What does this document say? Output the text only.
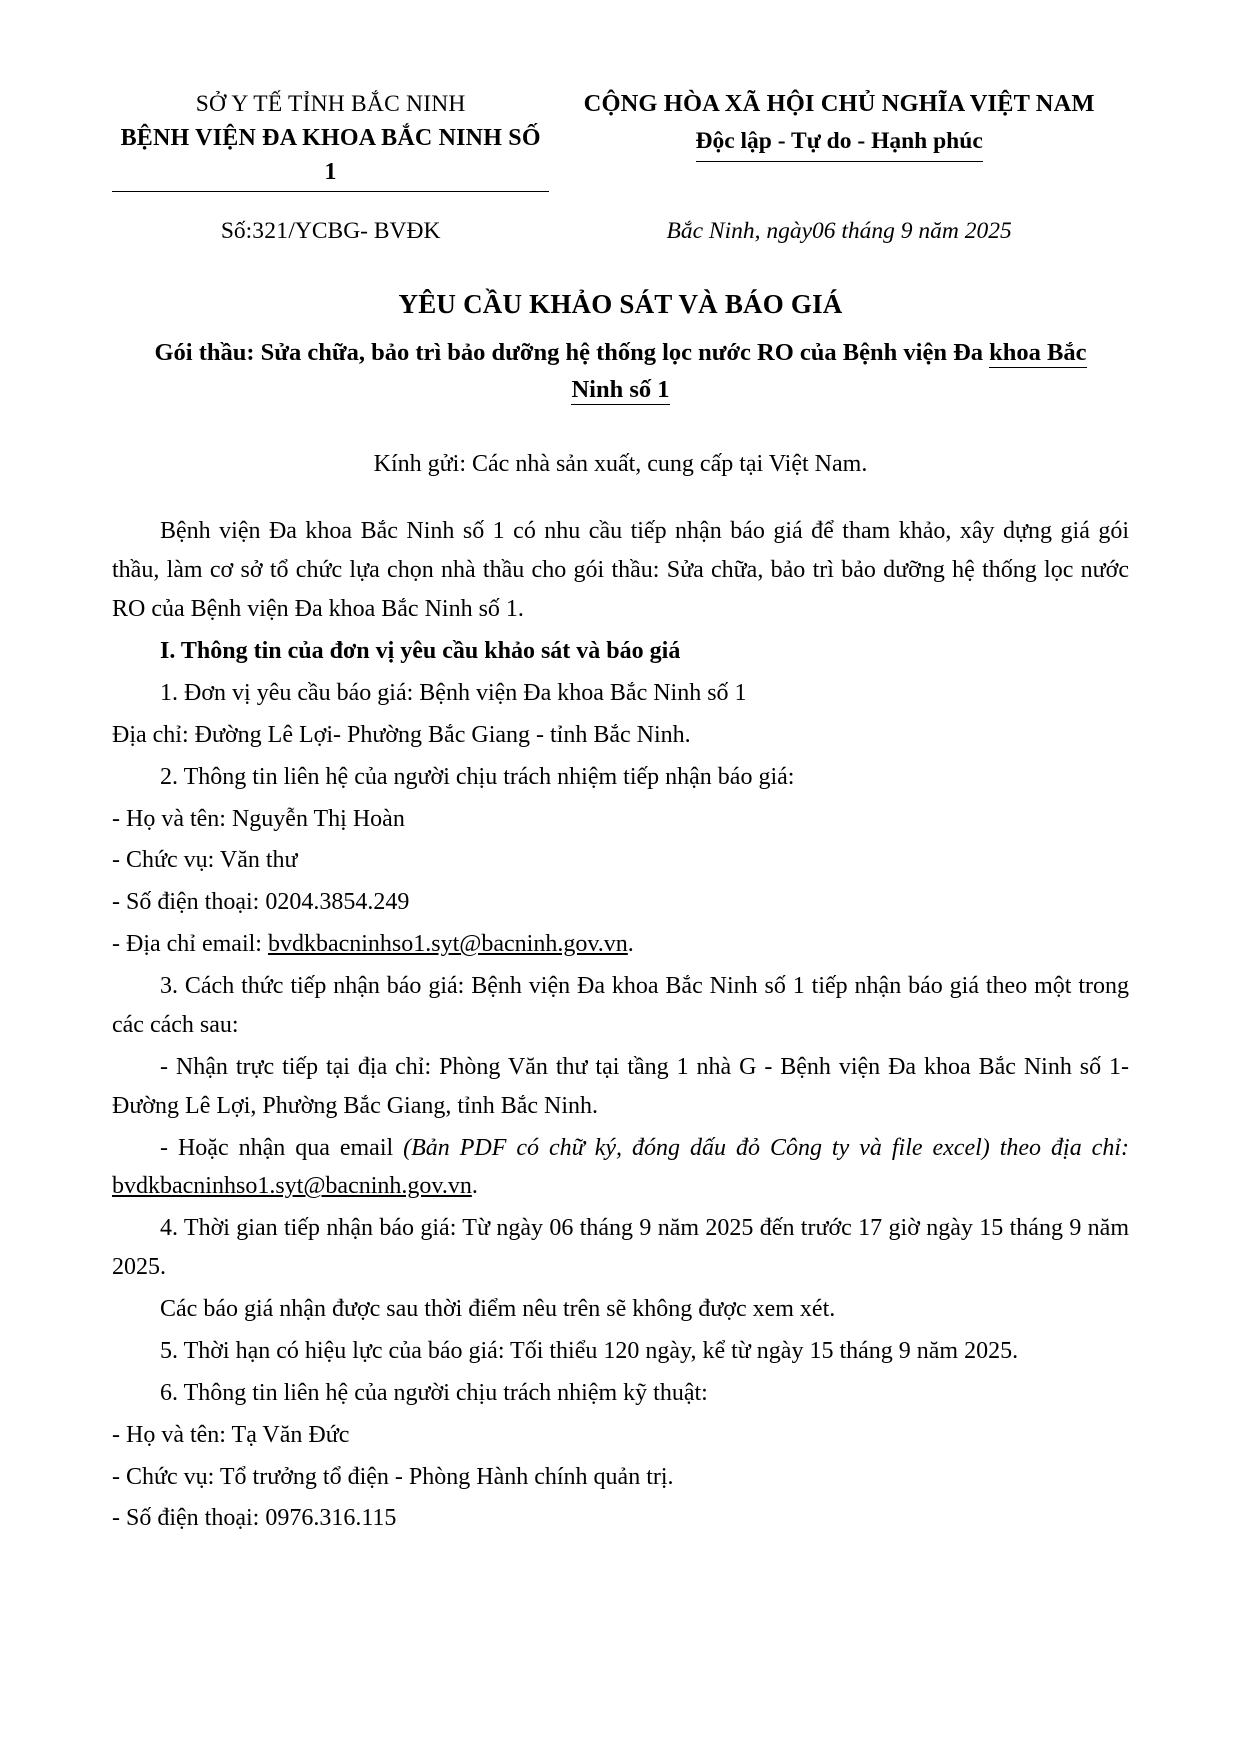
SỞ Y TẾ TỈNH BẮC NINH
BỆNH VIỆN ĐA KHOA BẮC NINH SỐ 1
CỘNG HÒA XÃ HỘI CHỦ NGHĨA VIỆT NAM
Độc lập - Tự do - Hạnh phúc
Số:321/YCBG- BVĐK	Bắc Ninh, ngày06 tháng 9 năm 2025
YÊU CẦU KHẢO SÁT VÀ BÁO GIÁ
Gói thầu: Sửa chữa, bảo trì bảo dưỡng hệ thống lọc nước RO của Bệnh viện Đa khoa Bắc Ninh số 1
Kính gửi: Các nhà sản xuất, cung cấp tại Việt Nam.

Bệnh viện Đa khoa Bắc Ninh số 1 có nhu cầu tiếp nhận báo giá để tham khảo, xây dựng giá gói thầu, làm cơ sở tổ chức lựa chọn nhà thầu cho gói thầu: Sửa chữa, bảo trì bảo dưỡng hệ thống lọc nước RO của Bệnh viện Đa khoa Bắc Ninh số 1.

I. Thông tin của đơn vị yêu cầu khảo sát và báo giá

1. Đơn vị yêu cầu báo giá: Bệnh viện Đa khoa Bắc Ninh số 1

Địa chỉ: Đường Lê Lợi- Phường Bắc Giang - tỉnh Bắc Ninh.

2. Thông tin liên hệ của người chịu trách nhiệm tiếp nhận báo giá:

- Họ và tên: Nguyễn Thị Hoàn

- Chức vụ: Văn thư

- Số điện thoại: 0204.3854.249

- Địa chỉ email: bvdkbacninhso1.syt@bacninh.gov.vn.

3. Cách thức tiếp nhận báo giá: Bệnh viện Đa khoa Bắc Ninh số 1 tiếp nhận báo giá theo một trong các cách sau:

- Nhận trực tiếp tại địa chỉ: Phòng Văn thư tại tầng 1 nhà G - Bệnh viện Đa khoa Bắc Ninh số 1- Đường Lê Lợi, Phường Bắc Giang, tỉnh Bắc Ninh.

- Hoặc nhận qua email (Bản PDF có chữ ký, đóng dấu đỏ Công ty và file excel) theo địa chỉ: bvdkbacninhso1.syt@bacninh.gov.vn.

4. Thời gian tiếp nhận báo giá: Từ ngày 06 tháng 9 năm 2025 đến trước 17 giờ ngày 15 tháng 9 năm 2025.

Các báo giá nhận được sau thời điểm nêu trên sẽ không được xem xét.

5. Thời hạn có hiệu lực của báo giá: Tối thiểu 120 ngày, kể từ ngày 15 tháng 9 năm 2025.

6. Thông tin liên hệ của người chịu trách nhiệm kỹ thuật:

- Họ và tên: Tạ Văn Đức

- Chức vụ: Tổ trưởng tổ điện - Phòng Hành chính quản trị.

- Số điện thoại: 0976.316.115
